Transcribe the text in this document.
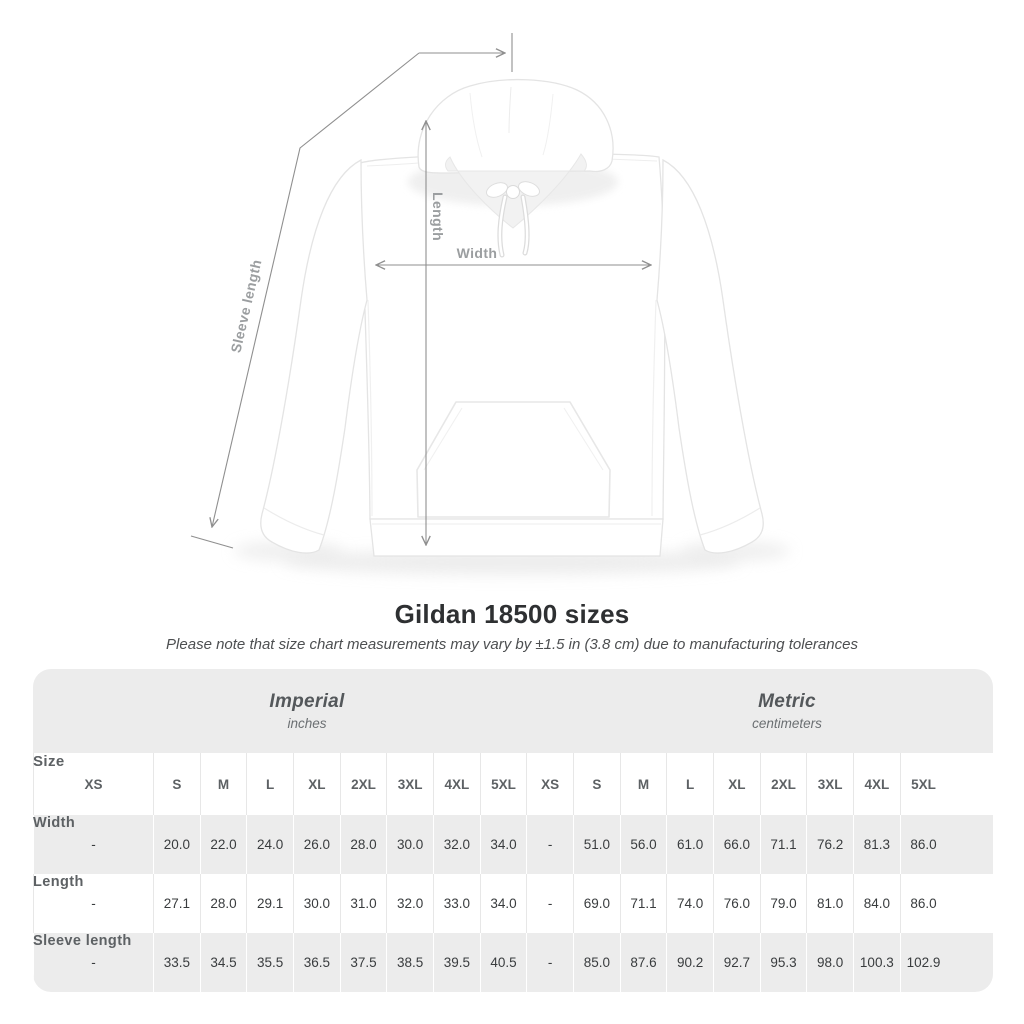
Sleeve length
Length
Width
Gildan 18500 sizes
Please note that size chart measurements may vary by ±1.5 in (3.8 cm) due to manufacturing tolerances
Imperial
inches
Metric
centimeters
Size
XS	S	M	L	XL	2XL	3XL	4XL	5XL	XS	S	M	L	XL	2XL	3XL	4XL	5XL
Width
-	20.0	22.0	24.0	26.0	28.0	30.0	32.0	34.0	-	51.0	56.0	61.0	66.0	71.1	76.2	81.3	86.0
Length
-	27.1	28.0	29.1	30.0	31.0	32.0	33.0	34.0	-	69.0	71.1	74.0	76.0	79.0	81.0	84.0	86.0
Sleeve length
-	33.5	34.5	35.5	36.5	37.5	38.5	39.5	40.5	-	85.0	87.6	90.2	92.7	95.3	98.0	100.3 102.9
